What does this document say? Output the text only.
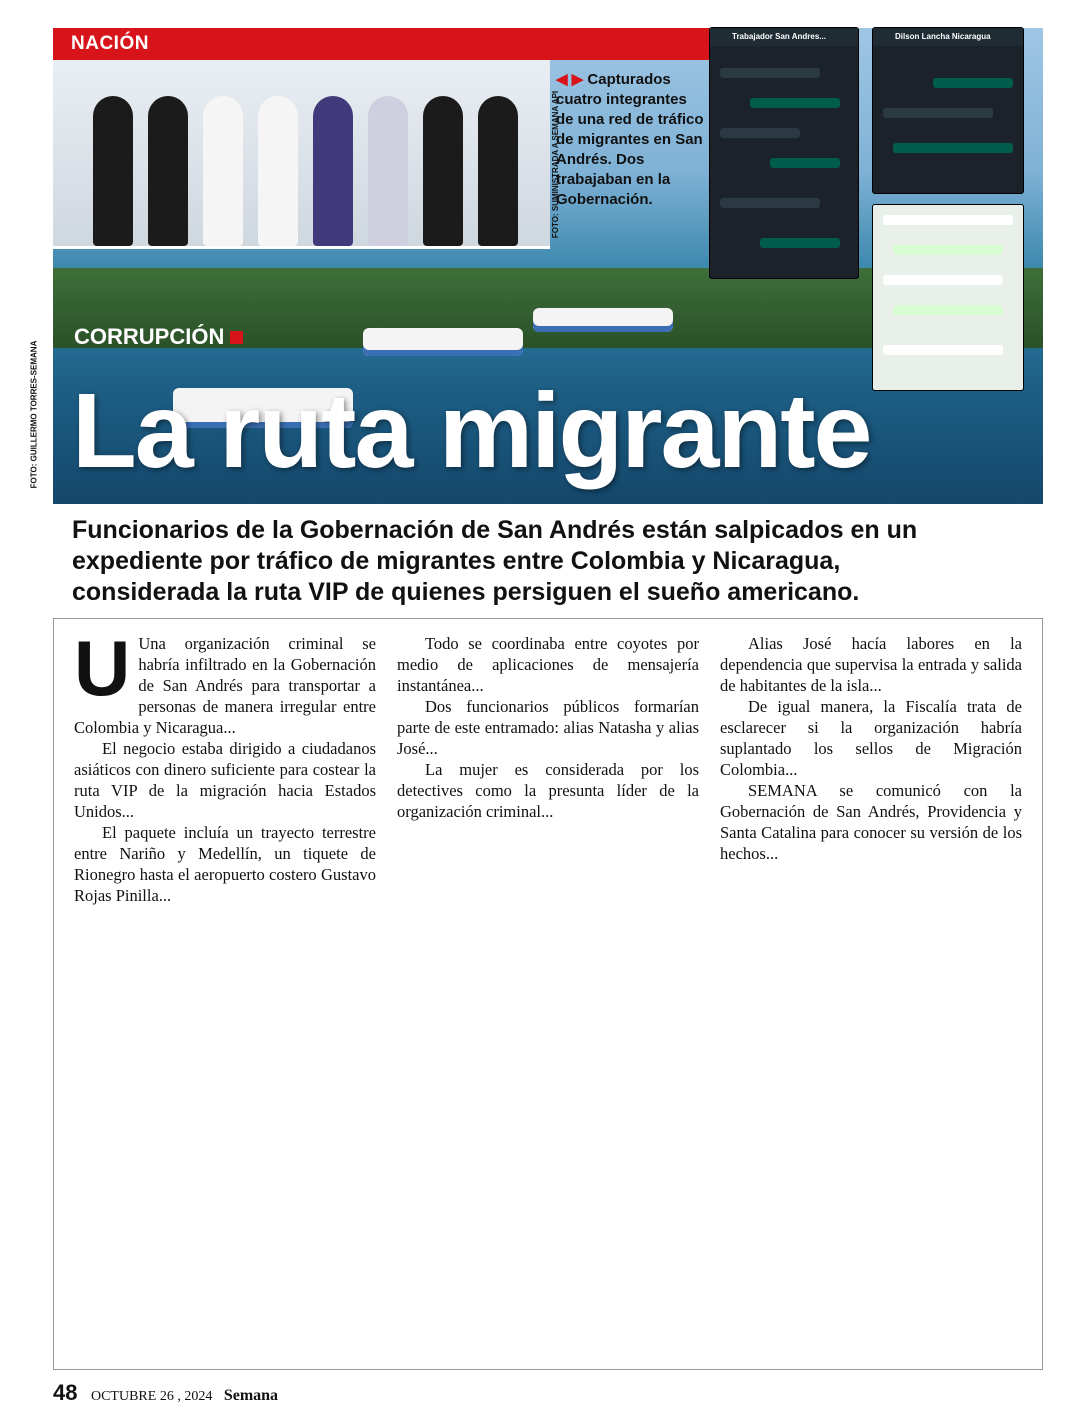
NACIÓN
◀ ▶ Capturados cuatro integrantes de una red de tráfico de migrantes en San Andrés. Dos trabajaban en la Gobernación.
FOTO: SUMINISTRADA A SEMANA API
Trabajador San Andres...	Dilson Lancha Nicaragua
CORRUPCIÓN
La ruta migrante
FOTO: GUILLERMO TORRES-SEMANA
Funcionarios de la Gobernación de San Andrés están salpicados en un expediente por tráfico de migrantes entre Colombia y Nicaragua, considerada la ruta VIP de quienes persiguen el sueño americano.

U Una organización criminal se habría infiltrado en la Gobernación de San Andrés para transportar a personas de manera irregular entre Colombia y Nicaragua...

El negocio estaba dirigido a ciudadanos asiáticos con dinero suficiente para costear la ruta VIP de la migración hacia Estados Unidos...

El paquete incluía un trayecto terrestre entre Nariño y Medellín, un tiquete de Rionegro hasta el aeropuerto costero Gustavo Rojas Pinilla...

Todo se coordinaba entre coyotes por medio de aplicaciones de mensajería instantánea...

Dos funcionarios públicos formarían parte de este entramado: alias Natasha y alias José...

La mujer es considerada por los detectives como la presunta líder de la organización criminal...

Alias José hacía labores en la dependencia que supervisa la entrada y salida de habitantes de la isla...

De igual manera, la Fiscalía trata de esclarecer si la organización habría suplantado los sellos de Migración Colombia...

SEMANA se comunicó con la Gobernación de San Andrés, Providencia y Santa Catalina para conocer su versión de los hechos...

48 OCTUBRE 26 , 2024 Semana
